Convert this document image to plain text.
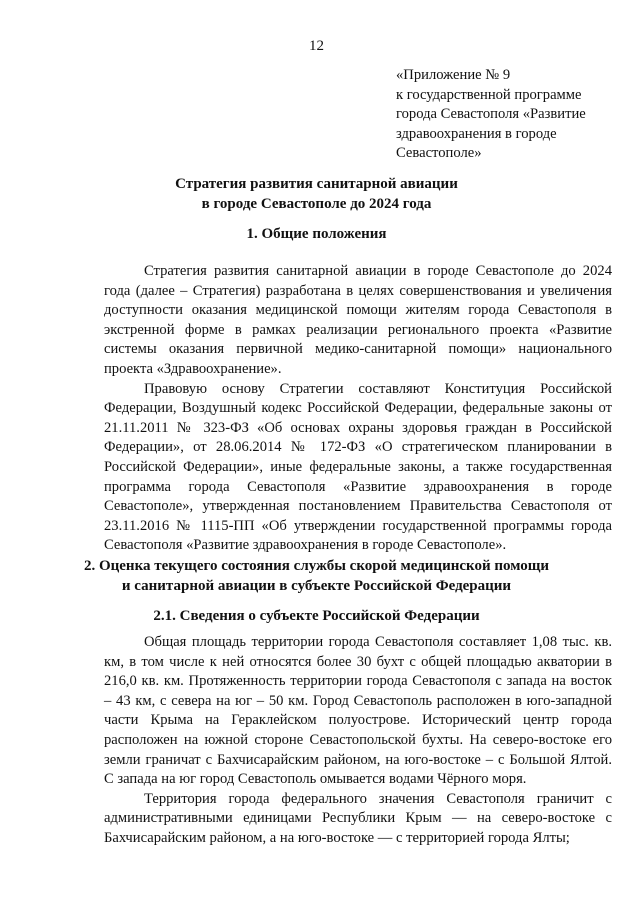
12
«Приложение № 9
к государственной программе
города Севастополя «Развитие
здравоохранения в городе
Севастополе»
Стратегия развития санитарной авиации
в городе Севастополе до 2024 года
1. Общие положения

Стратегия развития санитарной авиации в городе Севастополе до 2024 года (далее – Стратегия) разработана в целях совершенствования и увеличения доступности оказания медицинской помощи жителям города Севастополя в экстренной форме в рамках реализации регионального проекта «Развитие системы оказания первичной медико-санитарной помощи» национального проекта «Здравоохранение».

Правовую основу Стратегии составляют Конституция Российской Федерации, Воздушный кодекс Российской Федерации, федеральные законы от 21.11.2011 № 323-ФЗ «Об основах охраны здоровья граждан в Российской Федерации», от 28.06.2014 № 172-ФЗ «О стратегическом планировании в Российской Федерации», иные федеральные законы, а также государственная программа города Севастополя «Развитие здравоохранения в городе Севастополе», утвержденная постановлением Правительства Севастополя от 23.11.2016 № 1115-ПП «Об утверждении государственной программы города Севастополя «Развитие здравоохранения в городе Севастополе».

2. Оценка текущего состояния службы скорой медицинской помощи
и санитарной авиации в субъекте Российской Федерации
2.1. Сведения о субъекте Российской Федерации

Общая площадь территории города Севастополя составляет 1,08 тыс. кв. км, в том числе к ней относятся более 30 бухт с общей площадью акватории в 216,0 кв. км. Протяженность территории города Севастополя с запада на восток – 43 км, с севера на юг – 50 км. Город Севастополь расположен в юго-западной части Крыма на Гераклейском полуострове. Исторический центр города расположен на южной стороне Севастопольской бухты. На северо-востоке его земли граничат с Бахчисарайским районом, на юго-востоке – с Большой Ялтой. С запада на юг город Севастополь омывается водами Чёрного моря.

Территория города федерального значения Севастополя граничит с административными единицами Республики Крым — на северо-востоке с Бахчисарайским районом, а на юго-востоке — с территорией города Ялты;
